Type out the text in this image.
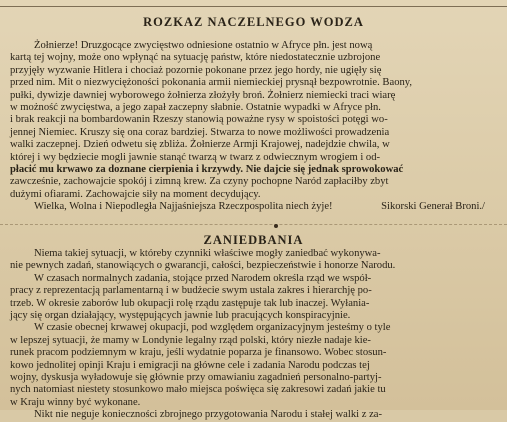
ROZKAZ NACZELNEGO WODZA
Żołnierze! Druzgocące zwycięstwo odniesione ostatnio w Afryce płn. jest nową
kartą tej wojny, może ono wpłynąć na sytuację państw, które niedostatecznie uzbrojone
przyjęły wyzwanie Hitlera i chociaż pozornie pokonane przez jego hordy, nie ugięły się
przed nim. Mit o niezwyciężoności pokonania armii niemieckiej prysnął bezpowrotnie. Baony,
pułki, dywizje dawniej wyborowego żołnierza złożyły broń. Żołnierz niemiecki traci wiarę
w możność zwycięstwa, a jego zapał zaczepny słabnie. Ostatnie wypadki w Afryce płn.
i brak reakcji na bombardowanin Rzeszy stanowią poważne rysy w spoistości potęgi wo-
jennej Niemiec. Kruszy się ona coraz bardziej. Stwarza to nowe możliwości prowadzenia
walki zaczepnej. Dzień odwetu się zbliża. Żołnierze Armji Krajowej, nadejdzie chwila, w
której i wy będziecie mogli jawnie stanąć twarzą w twarz z odwiecznym wrogiem i od-
płacić mu krwawo za doznane cierpienia i krzywdy. Nie dajcie się jednak sprowokować
zawcześnie, zachowajcie spokój i zimną krew. Za czyny pochopne Naród zapłaciłby zbyt
dużymi ofiarami. Zachowajcie siły na moment decydujący.
Wielka, Wolna i Niepodległa Najjaśniejsza Rzeczpospolita niech żyje!	Sikorski Generał Broni./
ZANIEDBANIA
Niema takiej sytuacji, w któreby czynniki właściwe mogły zaniedbać wykonywa-
nie pewnych zadań, stanowiących o gwarancji, całości, bezpieczeństwie i honorze Narodu.
W czasach normalnych zadania, stojące przed Narodem określa rząd we współ-
pracy z reprezentacją parlamentarną i w budżecie swym ustala zakres i hierarchję po-
trzeb. W okresie zaborów lub okupacji rolę rządu zastępuje tak lub inaczej. Wyłania-
jący się organ działający, występujących jawnie lub pracujących konspiracyjnie.
W czasie obecnej krwawej okupacji, pod względem organizacyjnym jesteśmy o tyle
w lepszej sytuacji, że mamy w Londynie legalny rząd polski, który niezłe nadaje kie-
runek pracom podziemnym w kraju, jeśli wydatnie poparza je finansowo. Wobec stosun-
kowo jednolitej opinji Kraju i emigracji na główne cele i zadania Narodu podczas tej
wojny, dyskusja wyładowuje się głównie przy omawianiu zagadnień personalno-partyj-
nych natomiast niestety stosunkowo mało miejsca poświęca się zakresowi zadań jakie tu
w Kraju winny być wykonane.
Nikt nie neguje konieczności zbrojnego przygotowania Narodu i stałej walki z za-
